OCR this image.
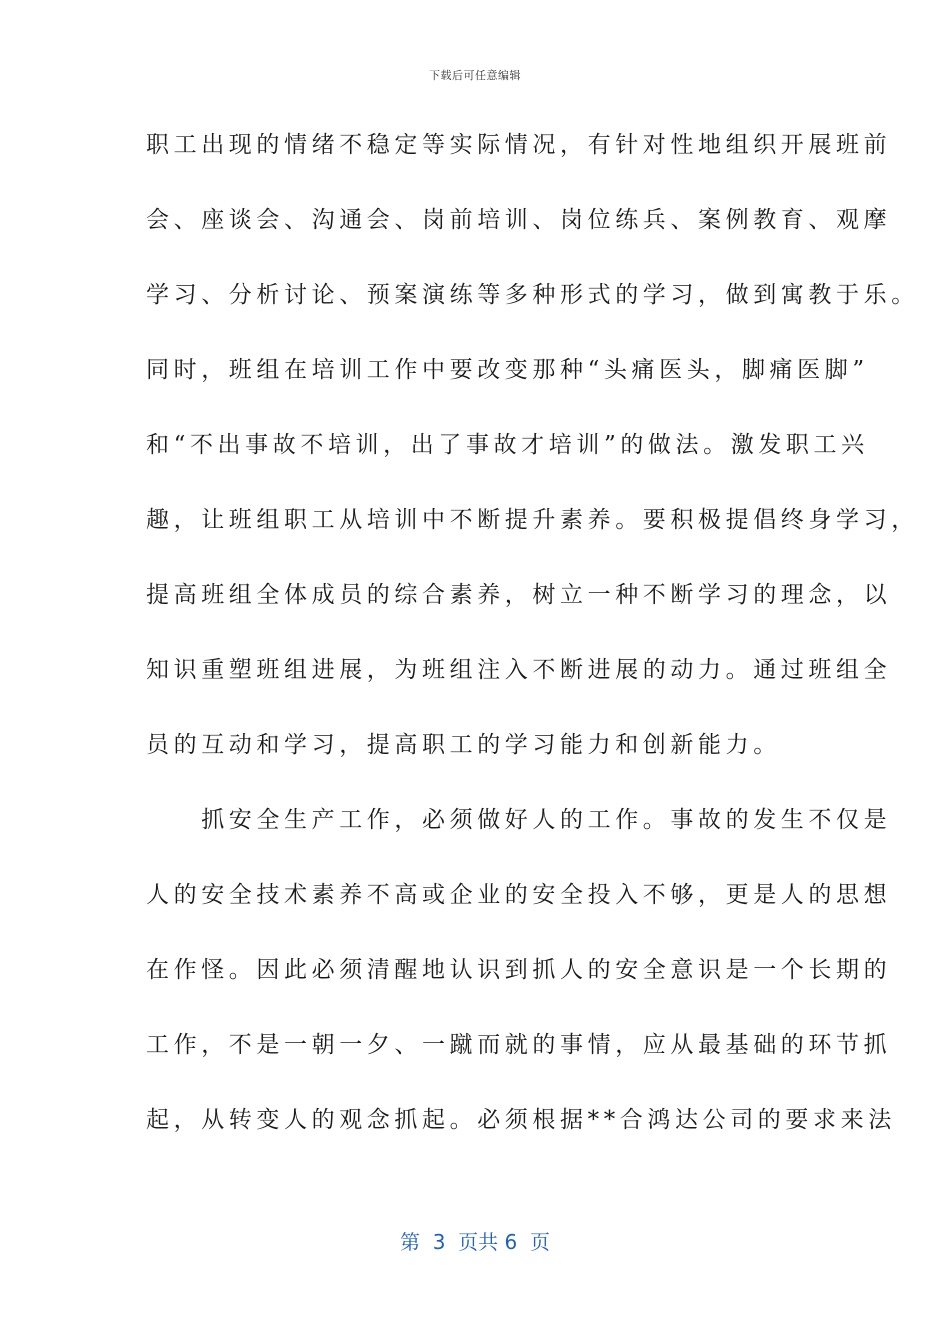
下载后可任意编辑
职工出现的情绪不稳定等实际情况，有针对性地组织开展班前
会、座谈会、沟通会、岗前培训、岗位练兵、案例教育、观摩
学习、分析讨论、预案演练等多种形式的学习，做到寓教于乐。
同时，班组在培训工作中要改变那种“头痛医头，脚痛医脚”
和“不出事故不培训，出了事故才培训”的做法。激发职工兴
趣，让班组职工从培训中不断提升素养。要积极提倡终身学习，
提高班组全体成员的综合素养，树立一种不断学习的理念，以
知识重塑班组进展，为班组注入不断进展的动力。通过班组全
员的互动和学习，提高职工的学习能力和创新能力。
　　抓安全生产工作，必须做好人的工作。事故的发生不仅是
人的安全技术素养不高或企业的安全投入不够，更是人的思想
在作怪。因此必须清醒地认识到抓人的安全意识是一个长期的
工作，不是一朝一夕、一蹴而就的事情，应从最基础的环节抓
起，从转变人的观念抓起。必须根据**合鸿达公司的要求来法
第  3  页共 6  页
